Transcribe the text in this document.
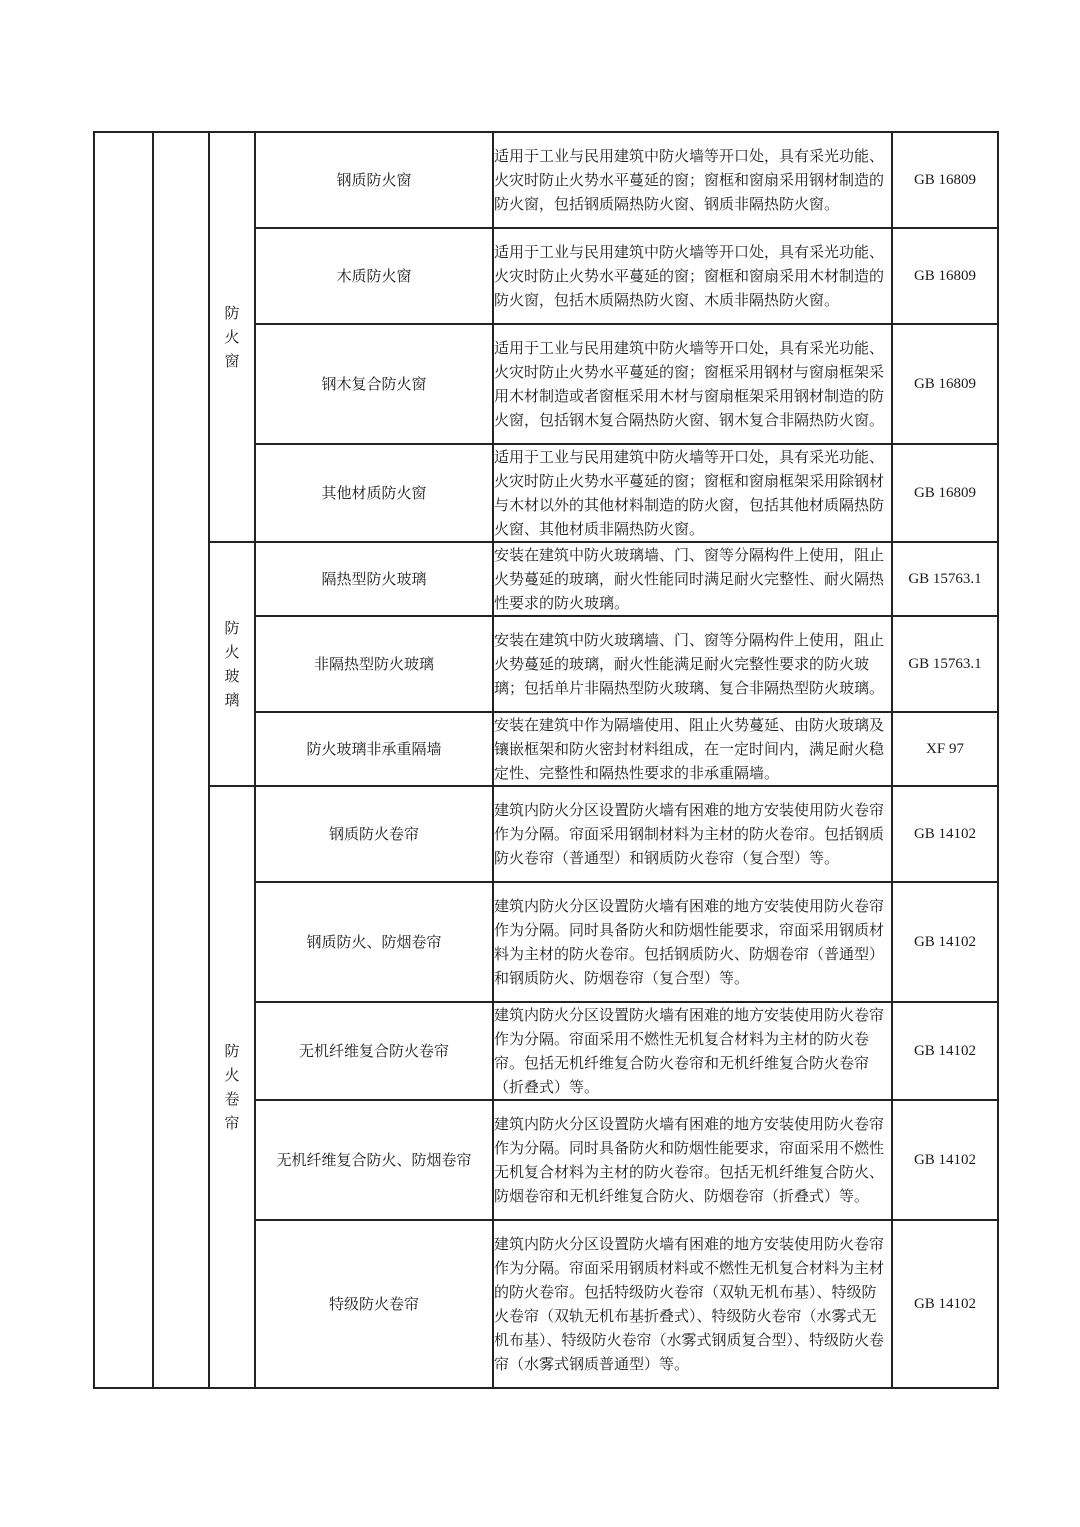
		防火窗	钢质防火窗	适用于工业与民用建筑中防火墙等开口处，具有采光功能、火灾时防止火势水平蔓延的窗；窗框和窗扇采用钢材制造的防火窗，包括钢质隔热防火窗、钢质非隔热防火窗。	GB 16809
			木质防火窗	适用于工业与民用建筑中防火墙等开口处，具有采光功能、火灾时防止火势水平蔓延的窗；窗框和窗扇采用木材制造的防火窗，包括木质隔热防火窗、木质非隔热防火窗。	GB 16809
			钢木复合防火窗	适用于工业与民用建筑中防火墙等开口处，具有采光功能、火灾时防止火势水平蔓延的窗；窗框采用钢材与窗扇框架采用木材制造或者窗框采用木材与窗扇框架采用钢材制造的防火窗，包括钢木复合隔热防火窗、钢木复合非隔热防火窗。	GB 16809
			其他材质防火窗	适用于工业与民用建筑中防火墙等开口处，具有采光功能、火灾时防止火势水平蔓延的窗；窗框和窗扇框架采用除钢材与木材以外的其他材料制造的防火窗，包括其他材质隔热防火窗、其他材质非隔热防火窗。	GB 16809
		防火玻璃	隔热型防火玻璃	安装在建筑中防火玻璃墙、门、窗等分隔构件上使用，阻止火势蔓延的玻璃，耐火性能同时满足耐火完整性、耐火隔热性要求的防火玻璃。	GB 15763.1
			非隔热型防火玻璃	安装在建筑中防火玻璃墙、门、窗等分隔构件上使用，阻止火势蔓延的玻璃，耐火性能满足耐火完整性要求的防火玻璃；包括单片非隔热型防火玻璃、复合非隔热型防火玻璃。	GB 15763.1
			防火玻璃非承重隔墙	安装在建筑中作为隔墙使用、阻止火势蔓延、由防火玻璃及镶嵌框架和防火密封材料组成，在一定时间内，满足耐火稳定性、完整性和隔热性要求的非承重隔墙。	XF 97
		防火卷帘	钢质防火卷帘	建筑内防火分区设置防火墙有困难的地方安装使用防火卷帘作为分隔。帘面采用钢制材料为主材的防火卷帘。包括钢质防火卷帘（普通型）和钢质防火卷帘（复合型）等。	GB 14102
			钢质防火、防烟卷帘	建筑内防火分区设置防火墙有困难的地方安装使用防火卷帘作为分隔。同时具备防火和防烟性能要求，帘面采用钢质材料为主材的防火卷帘。包括钢质防火、防烟卷帘（普通型）和钢质防火、防烟卷帘（复合型）等。	GB 14102
			无机纤维复合防火卷帘	建筑内防火分区设置防火墙有困难的地方安装使用防火卷帘作为分隔。帘面采用不燃性无机复合材料为主材的防火卷帘。包括无机纤维复合防火卷帘和无机纤维复合防火卷帘（折叠式）等。	GB 14102
			无机纤维复合防火、防烟卷帘	建筑内防火分区设置防火墙有困难的地方安装使用防火卷帘作为分隔。同时具备防火和防烟性能要求，帘面采用不燃性无机复合材料为主材的防火卷帘。包括无机纤维复合防火、防烟卷帘和无机纤维复合防火、防烟卷帘（折叠式）等。	GB 14102
			特级防火卷帘	建筑内防火分区设置防火墙有困难的地方安装使用防火卷帘作为分隔。帘面采用钢质材料或不燃性无机复合材料为主材的防火卷帘。包括特级防火卷帘（双轨无机布基）、特级防火卷帘（双轨无机布基折叠式）、特级防火卷帘（水雾式无机布基）、特级防火卷帘（水雾式钢质复合型）、特级防火卷帘（水雾式钢质普通型）等。	GB 14102
